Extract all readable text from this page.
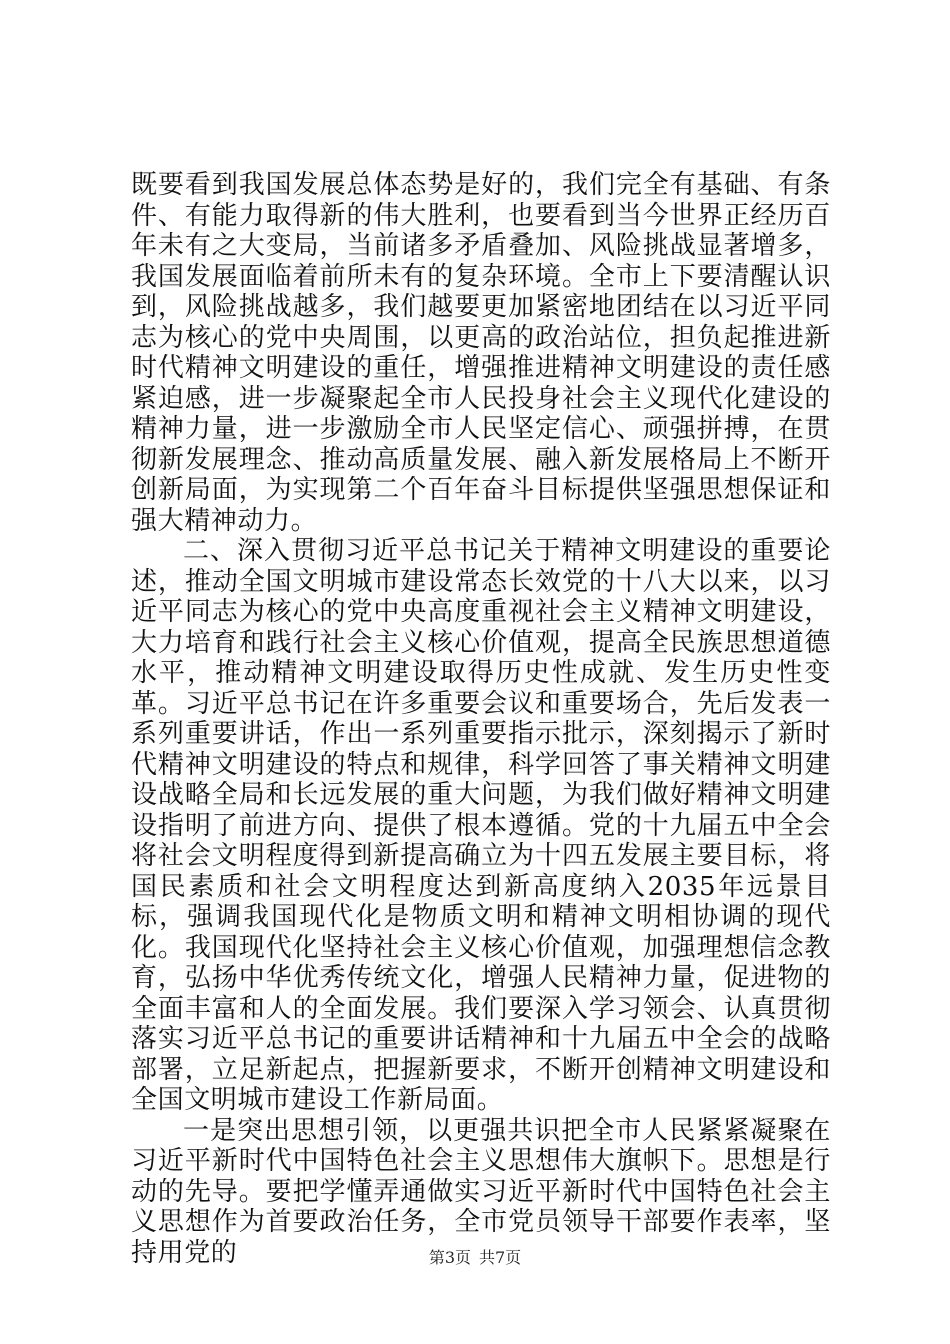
既要看到我国发展总体态势是好的，我们完全有基础、有条件、有能力取得新的伟大胜利，也要看到当今世界正经历百年未有之大变局，当前诸多矛盾叠加、风险挑战显著增多，我国发展面临着前所未有的复杂环境。全市上下要清醒认识到，风险挑战越多，我们越要更加紧密地团结在以习近平同志为核心的党中央周围，以更高的政治站位，担负起推进新时代精神文明建设的重任，增强推进精神文明建设的责任感紧迫感，进一步凝聚起全市人民投身社会主义现代化建设的精神力量，进一步激励全市人民坚定信心、顽强拼搏，在贯彻新发展理念、推动高质量发展、融入新发展格局上不断开创新局面，为实现第二个百年奋斗目标提供坚强思想保证和强大精神动力。

二、深入贯彻习近平总书记关于精神文明建设的重要论述，推动全国文明城市建设常态长效党的十八大以来，以习近平同志为核心的党中央高度重视社会主义精神文明建设，大力培育和践行社会主义核心价值观，提高全民族思想道德水平，推动精神文明建设取得历史性成就、发生历史性变革。习近平总书记在许多重要会议和重要场合，先后发表一系列重要讲话，作出一系列重要指示批示，深刻揭示了新时代精神文明建设的特点和规律，科学回答了事关精神文明建设战略全局和长远发展的重大问题，为我们做好精神文明建设指明了前进方向、提供了根本遵循。党的十九届五中全会将社会文明程度得到新提高确立为十四五发展主要目标，将国民素质和社会文明程度达到新高度纳入2035年远景目标，强调我国现代化是物质文明和精神文明相协调的现代化。我国现代化坚持社会主义核心价值观，加强理想信念教育，弘扬中华优秀传统文化，增强人民精神力量，促进物的全面丰富和人的全面发展。我们要深入学习领会、认真贯彻落实习近平总书记的重要讲话精神和十九届五中全会的战略部署，立足新起点，把握新要求，不断开创精神文明建设和全国文明城市建设工作新局面。

一是突出思想引领，以更强共识把全市人民紧紧凝聚在习近平新时代中国特色社会主义思想伟大旗帜下。思想是行动的先导。要把学懂弄通做实习近平新时代中国特色社会主义思想作为首要政治任务，全市党员领导干部要作表率，坚持用党的	第3页 共7页
